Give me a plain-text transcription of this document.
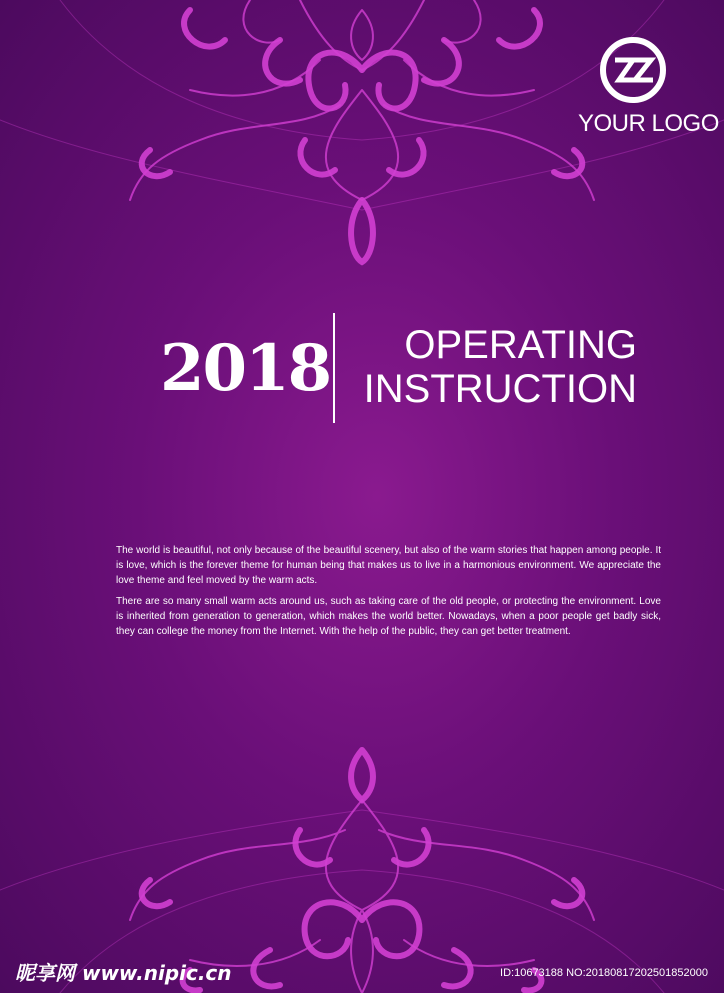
YOUR LOGO
2018	OPERATING
INSTRUCTION

The world is beautiful, not only because of the beautiful scenery, but also of the warm stories that happen among people. It is love, which is the forever theme for human being that makes us to live in a harmonious environment. We appreciate the love theme and feel moved by the warm acts.

There are so many small warm acts around us, such as taking care of the old people, or protecting the environment. Love is inherited from generation to generation, which makes the world better. Nowadays, when a poor people get badly sick, they can college the money from the Internet. With the help of the public, they can get better treatment.

昵享网 www.nipic.cn	ID:10673188 NO:20180817202501852000
